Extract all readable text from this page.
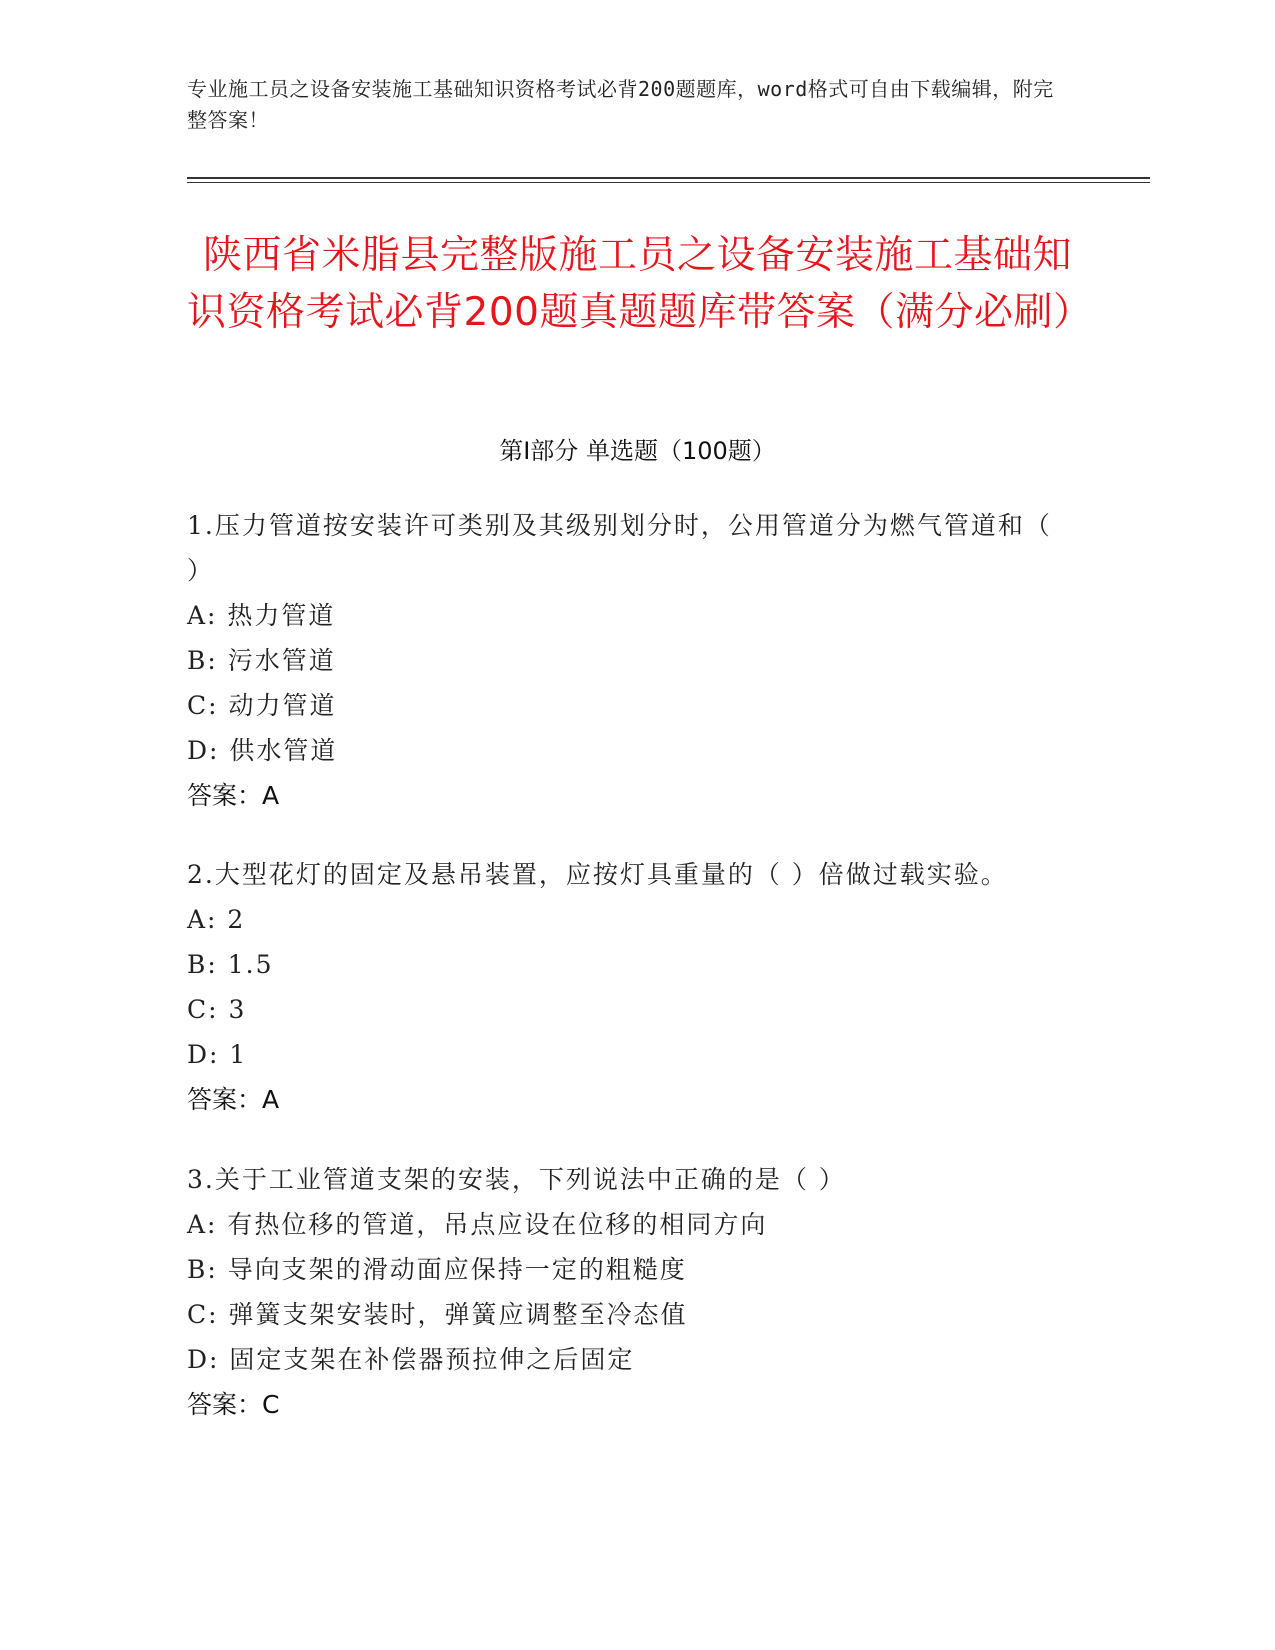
专业施工员之设备安装施工基础知识资格考试必背200题题库，word格式可自由下载编辑，附完整答案！
陕西省米脂县完整版施工员之设备安装施工基础知识资格考试必背200题真题题库带答案（满分必刷）
第Ⅰ部分 单选题（100题）
1.压力管道按安装许可类别及其级别划分时，公用管道分为燃气管道和（ ）
A: 热力管道
B: 污水管道
C: 动力管道
D: 供水管道
答案：A
2.大型花灯的固定及悬吊装置，应按灯具重量的（ ）倍做过载实验。
A: 2
B: 1.5
C: 3
D: 1
答案：A
3.关于工业管道支架的安装，下列说法中正确的是（ ）
A: 有热位移的管道，吊点应设在位移的相同方向
B: 导向支架的滑动面应保持一定的粗糙度
C: 弹簧支架安装时，弹簧应调整至冷态值
D: 固定支架在补偿器预拉伸之后固定
答案：C
